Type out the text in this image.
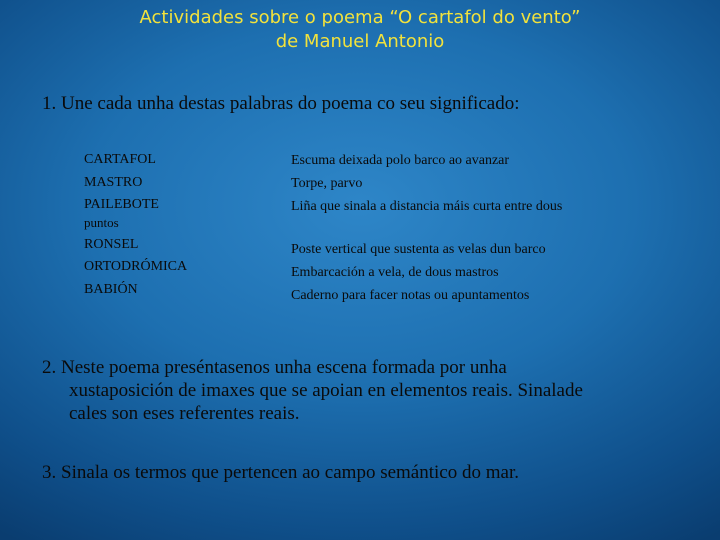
Actividades sobre o poema “O cartafol do vento”
de Manuel Antonio
1. Une cada unha destas palabras do poema co seu significado:
CARTAFOL
MASTRO
PAILEBOTE
puntos
RONSEL
ORTODRÓMICA
BABIÓN
Escuma deixada polo barco ao avanzar
Torpe, parvo
Liña que sinala a distancia máis curta entre dous
Poste vertical que sustenta as velas dun barco
Embarcación a vela, de dous mastros
Caderno para facer notas ou apuntamentos
2. Neste poema preséntasenos unha escena formada por unha
xustaposición de imaxes que se apoian en elementos reais. Sinalade
cales son eses referentes reais.
3. Sinala os termos que pertencen ao campo semántico do mar.
